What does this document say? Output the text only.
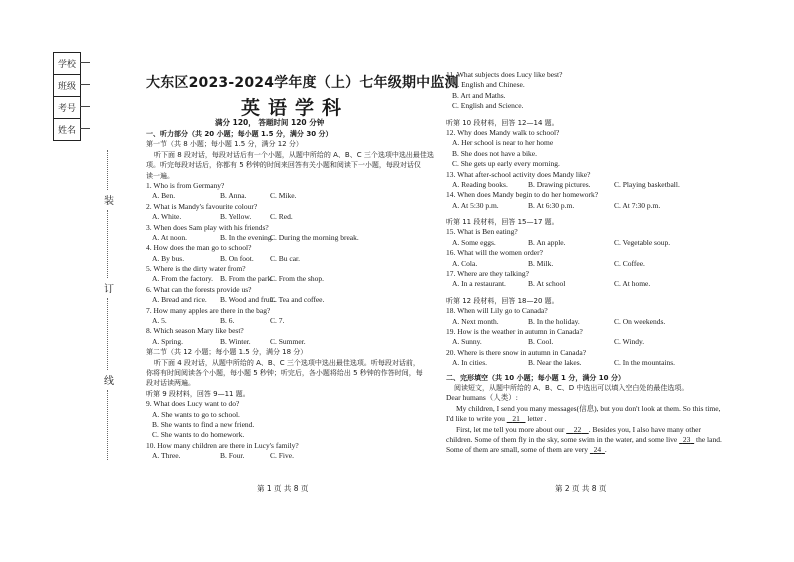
学校
班级
考号
姓名
装
订
线
大东区2023-2024学年度（上）七年级期中监测
英语学科
满分 120， 答题时间 120 分钟
一、听力部分（共 20 小题；每小题 1.5 分，满分 30 分）
第一节（共 8 小题；每小题 1.5 分，满分 12 分）
听下面 8 段对话，每段对话后有一个小题，从题中所给的 A、B、C 三个选项中选出最佳选
项。听完每段对话后，你都有 5 秒钟的时间来回答有关小题和阅读下一小题，每段对话仅
读一遍。
1. Who is from Germany?
A. Ben.	B. Anna.	C. Mike.
2. What is Mandy's favourite colour?
A. White.	B. Yellow.	C. Red.
3. When does Sam play with his friends?
A. At noon.	B. In the evening.
C. During the morning break.
4. How does the man go to school?
A. By bus.	B. On foot. C. Bu car.
5. Where is the dirty water from?
A. From the factory. B. From the park.
C. From the shop.
6. What can the forests provide us?
A. Bread and rice. B. Wood and fruit.
C. Tea and coffee.
7. How many apples are there in the bag?
A. 5.	B. 6.	C. 7.
8. Which season Mary like best?
A. Spring.	B. Winter.	C. Summer.
第二节（共 12 小题；每小题 1.5 分，满分 18 分）
听下面 4 段对话，从题中所给的 A、B、C 三个选项中选出最佳选项。听每段对话前，
你将有时间阅读各个小题，每小题 5 秒钟；听完后，各小题将给出 5 秒钟的作答时间，每
段对话读两遍。
听第 9 段材料，回答 9—11 题。
9. What does Lucy want to do?
A. She wants to go to school.
B. She wants to find a new friend.
C. She wants to do homework.
10. How many children are there in Lucy's family?
A. Three.	B. Four.	C. Five.
第 1 页 共 8 页
11. What subjects does Lucy like best?
A. English and Chinese.
B. Art and Maths.
C. English and Science.
听第 10 段材料，回答 12—14 题。
12. Why does Mandy walk to school?
A. Her school is near to her home
B. She does not have a bike.
C. She gets up early every morning.
13. What after-school activity does Mandy like?
A. Reading books.	B. Drawing pictures.	C. Playing basketball.
14. When does Mandy begin to do her homework?
A. At 5:30 p.m.	B. At 6:30 p.m.	C. At 7:30 p.m.
听第 11 段材料，回答 15—17 题。
15. What is Ben eating?
A. Some eggs.	B. An apple.	C. Vegetable soup.
16. What will the women order?
A. Cola.	B. Milk.	C. Coffee.
17. Where are they talking?
A. In a restaurant.	B. At school	C. At home.
听第 12 段材料，回答 18—20 题。
18. When will Lily go to Canada?
A. Next month.	B. In the holiday.	C. On weekends.
19. How is the weather in autumn in Canada?
A. Sunny.	B. Cool.	C. Windy.
20. Where is there snow in autumn in Canada?
A. In cities.	B. Near the lakes.	C. In the mountains.
二、完形填空（共 10 小题；每小题 1 分，满分 10 分）
阅读短文，从题中所给的 A、B、C、D 中选出可以填入空白处的最佳选项。
Dear humans（人类）:
My children, I send you many messages(信息), but you don't look at them. So this time,
I'd like to write you 21 letter .
First, let me tell you more about our 22 . Besides you, I also have many other
children. Some of them fly in the sky, some swim in the water, and some live 23 the land.
Some of them are small, some of them are very 24 .
第 2 页 共 8 页
